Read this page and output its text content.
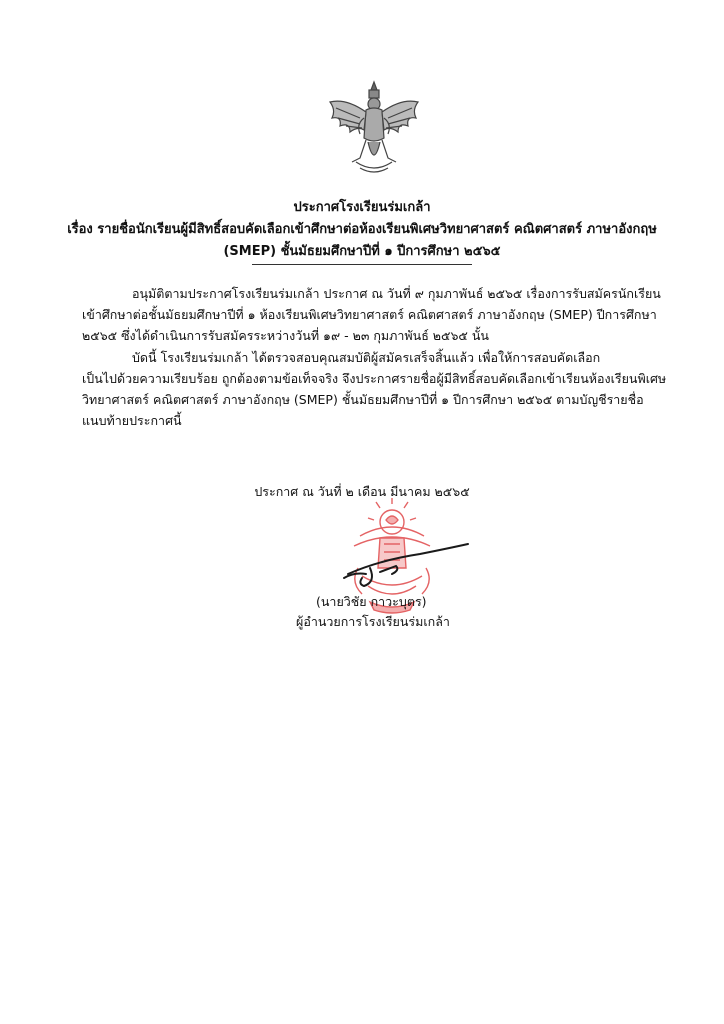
ประกาศโรงเรียนร่มเกล้า
เรื่อง รายชื่อนักเรียนผู้มีสิทธิ์สอบคัดเลือกเข้าศึกษาต่อห้องเรียนพิเศษวิทยาศาสตร์ คณิตศาสตร์ ภาษาอังกฤษ
(SMEP) ชั้นมัธยมศึกษาปีที่ ๑ ปีการศึกษา ๒๕๖๕
อนุมัติตามประกาศโรงเรียนร่มเกล้า ประกาศ ณ วันที่ ๙ กุมภาพันธ์ ๒๕๖๕ เรื่องการรับสมัครนักเรียน
เข้าศึกษาต่อชั้นมัธยมศึกษาปีที่ ๑ ห้องเรียนพิเศษวิทยาศาสตร์ คณิตศาสตร์ ภาษาอังกฤษ (SMEP) ปีการศึกษา
๒๕๖๕ ซึ่งได้ดำเนินการรับสมัครระหว่างวันที่ ๑๙ - ๒๓ กุมภาพันธ์ ๒๕๖๕ นั้น
บัดนี้ โรงเรียนร่มเกล้า ได้ตรวจสอบคุณสมบัติผู้สมัครเสร็จสิ้นแล้ว เพื่อให้การสอบคัดเลือก
เป็นไปด้วยความเรียบร้อย ถูกต้องตามข้อเท็จจริง จึงประกาศรายชื่อผู้มีสิทธิ์สอบคัดเลือกเข้าเรียนห้องเรียนพิเศษ
วิทยาศาสตร์ คณิตศาสตร์ ภาษาอังกฤษ (SMEP) ชั้นมัธยมศึกษาปีที่ ๑ ปีการศึกษา ๒๕๖๕ ตามบัญชีรายชื่อ
แนบท้ายประกาศนี้
ประกาศ ณ วันที่ ๒ เดือน มีนาคม ๒๕๖๕
(นายวิชัย กาวะบุตร)
ผู้อำนวยการโรงเรียนร่มเกล้า
